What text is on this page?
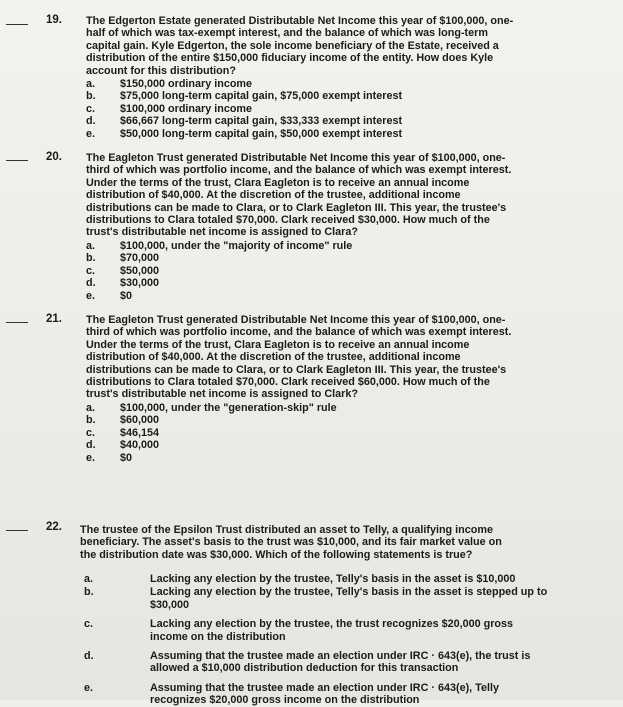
19. The Edgerton Estate generated Distributable Net Income this year of $100,000, one-half of which was tax-exempt interest, and the balance of which was long-term capital gain. Kyle Edgerton, the sole income beneficiary of the Estate, received a distribution of the entire $150,000 fiduciary income of the entity. How does Kyle account for this distribution?

a.	$150,000 ordinary income
b.	$75,000 long-term capital gain, $75,000 exempt interest
c.	$100,000 ordinary income
d.	$66,667 long-term capital gain, $33,333 exempt interest
e.	$50,000 long-term capital gain, $50,000 exempt interest
20. The Eagleton Trust generated Distributable Net Income this year of $100,000, one-third of which was portfolio income, and the balance of which was exempt interest. Under the terms of the trust, Clara Eagleton is to receive an annual income distribution of $40,000. At the discretion of the trustee, additional income distributions can be made to Clara, or to Clark Eagleton III. This year, the trustee's distributions to Clara totaled $70,000. Clark received $30,000. How much of the trust's distributable net income is assigned to Clara?

a.	$100,000, under the "majority of income" rule
b.	$70,000
c.	$50,000
d.	$30,000
e.	$0
21. The Eagleton Trust generated Distributable Net Income this year of $100,000, one-third of which was portfolio income, and the balance of which was exempt interest. Under the terms of the trust, Clara Eagleton is to receive an annual income distribution of $40,000. At the discretion of the trustee, additional income distributions can be made to Clara, or to Clark Eagleton III. This year, the trustee's distributions to Clara totaled $70,000. Clark received $60,000. How much of the trust's distributable net income is assigned to Clark?

a.	$100,000, under the "generation-skip" rule
b.	$60,000
c.	$46,154
d.	$40,000
e.	$0
22. The trustee of the Epsilon Trust distributed an asset to Telly, a qualifying income beneficiary. The asset's basis to the trust was $10,000, and its fair market value on the distribution date was $30,000. Which of the following statements is true?

a.	Lacking any election by the trustee, Telly's basis in the asset is $10,000
b.	Lacking any election by the trustee, Telly's basis in the asset is stepped up to $30,000
c.	Lacking any election by the trustee, the trust recognizes $20,000 gross income on the distribution
d.	Assuming that the trustee made an election under IRC · 643(e), the trust is allowed a $10,000 distribution deduction for this transaction
e.	Assuming that the trustee made an election under IRC · 643(e), Telly recognizes $20,000 gross income on the distribution
